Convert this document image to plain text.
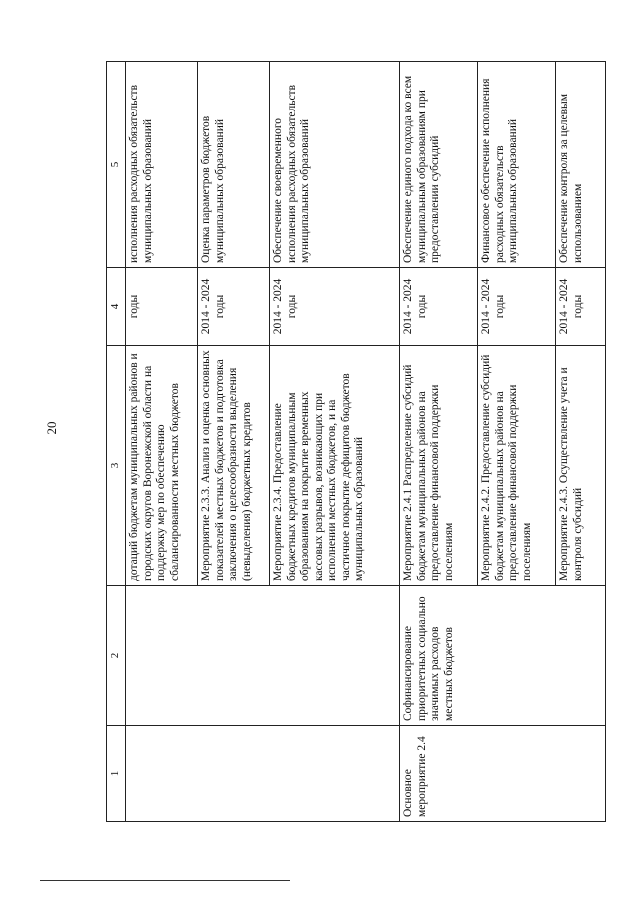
20
1	2	3	4	5
		дотаций бюджетам муниципальных районов и городских округов Воронежской области на поддержку мер по обеспечению сбалансированности местных бюджетов	годы	исполнения расходных обязательств муниципальных образований
		Мероприятие 2.3.3. Анализ и оценка основных показателей местных бюджетов и подготовка заключения о целесообразности выделения (невыделения) бюджетных кредитов	2014 - 2024 годы	Оценка параметров бюджетов муниципальных образований
		Мероприятие 2.3.4. Предоставление бюджетных кредитов муниципальным образованиям на покрытие временных кассовых разрывов, возникающих при исполнении местных бюджетов, и на частичное покрытие дефицитов бюджетов муниципальных образований	2014 - 2024 годы	Обеспечение своевременного исполнения расходных обязательств муниципальных образований
Основное мероприятие 2.4	Софинансирование приоритетных социально значимых расходов местных бюджетов	Мероприятие 2.4.1 Распределение субсидий бюджетам муниципальных районов на предоставление финансовой поддержки поселениям	2014 - 2024 годы	Обеспечение единого подхода ко всем муниципальным образованиям при предоставлении субсидий
		Мероприятие 2.4.2. Предоставление субсидий бюджетам муниципальных районов на предоставление финансовой поддержки поселениям	2014 - 2024 годы	Финансовое обеспечение исполнения расходных обязательств муниципальных образований
		Мероприятие 2.4.3. Осуществление учета и контроля субсидий	2014 - 2024 годы	Обеспечение контроля за целевым использованием
